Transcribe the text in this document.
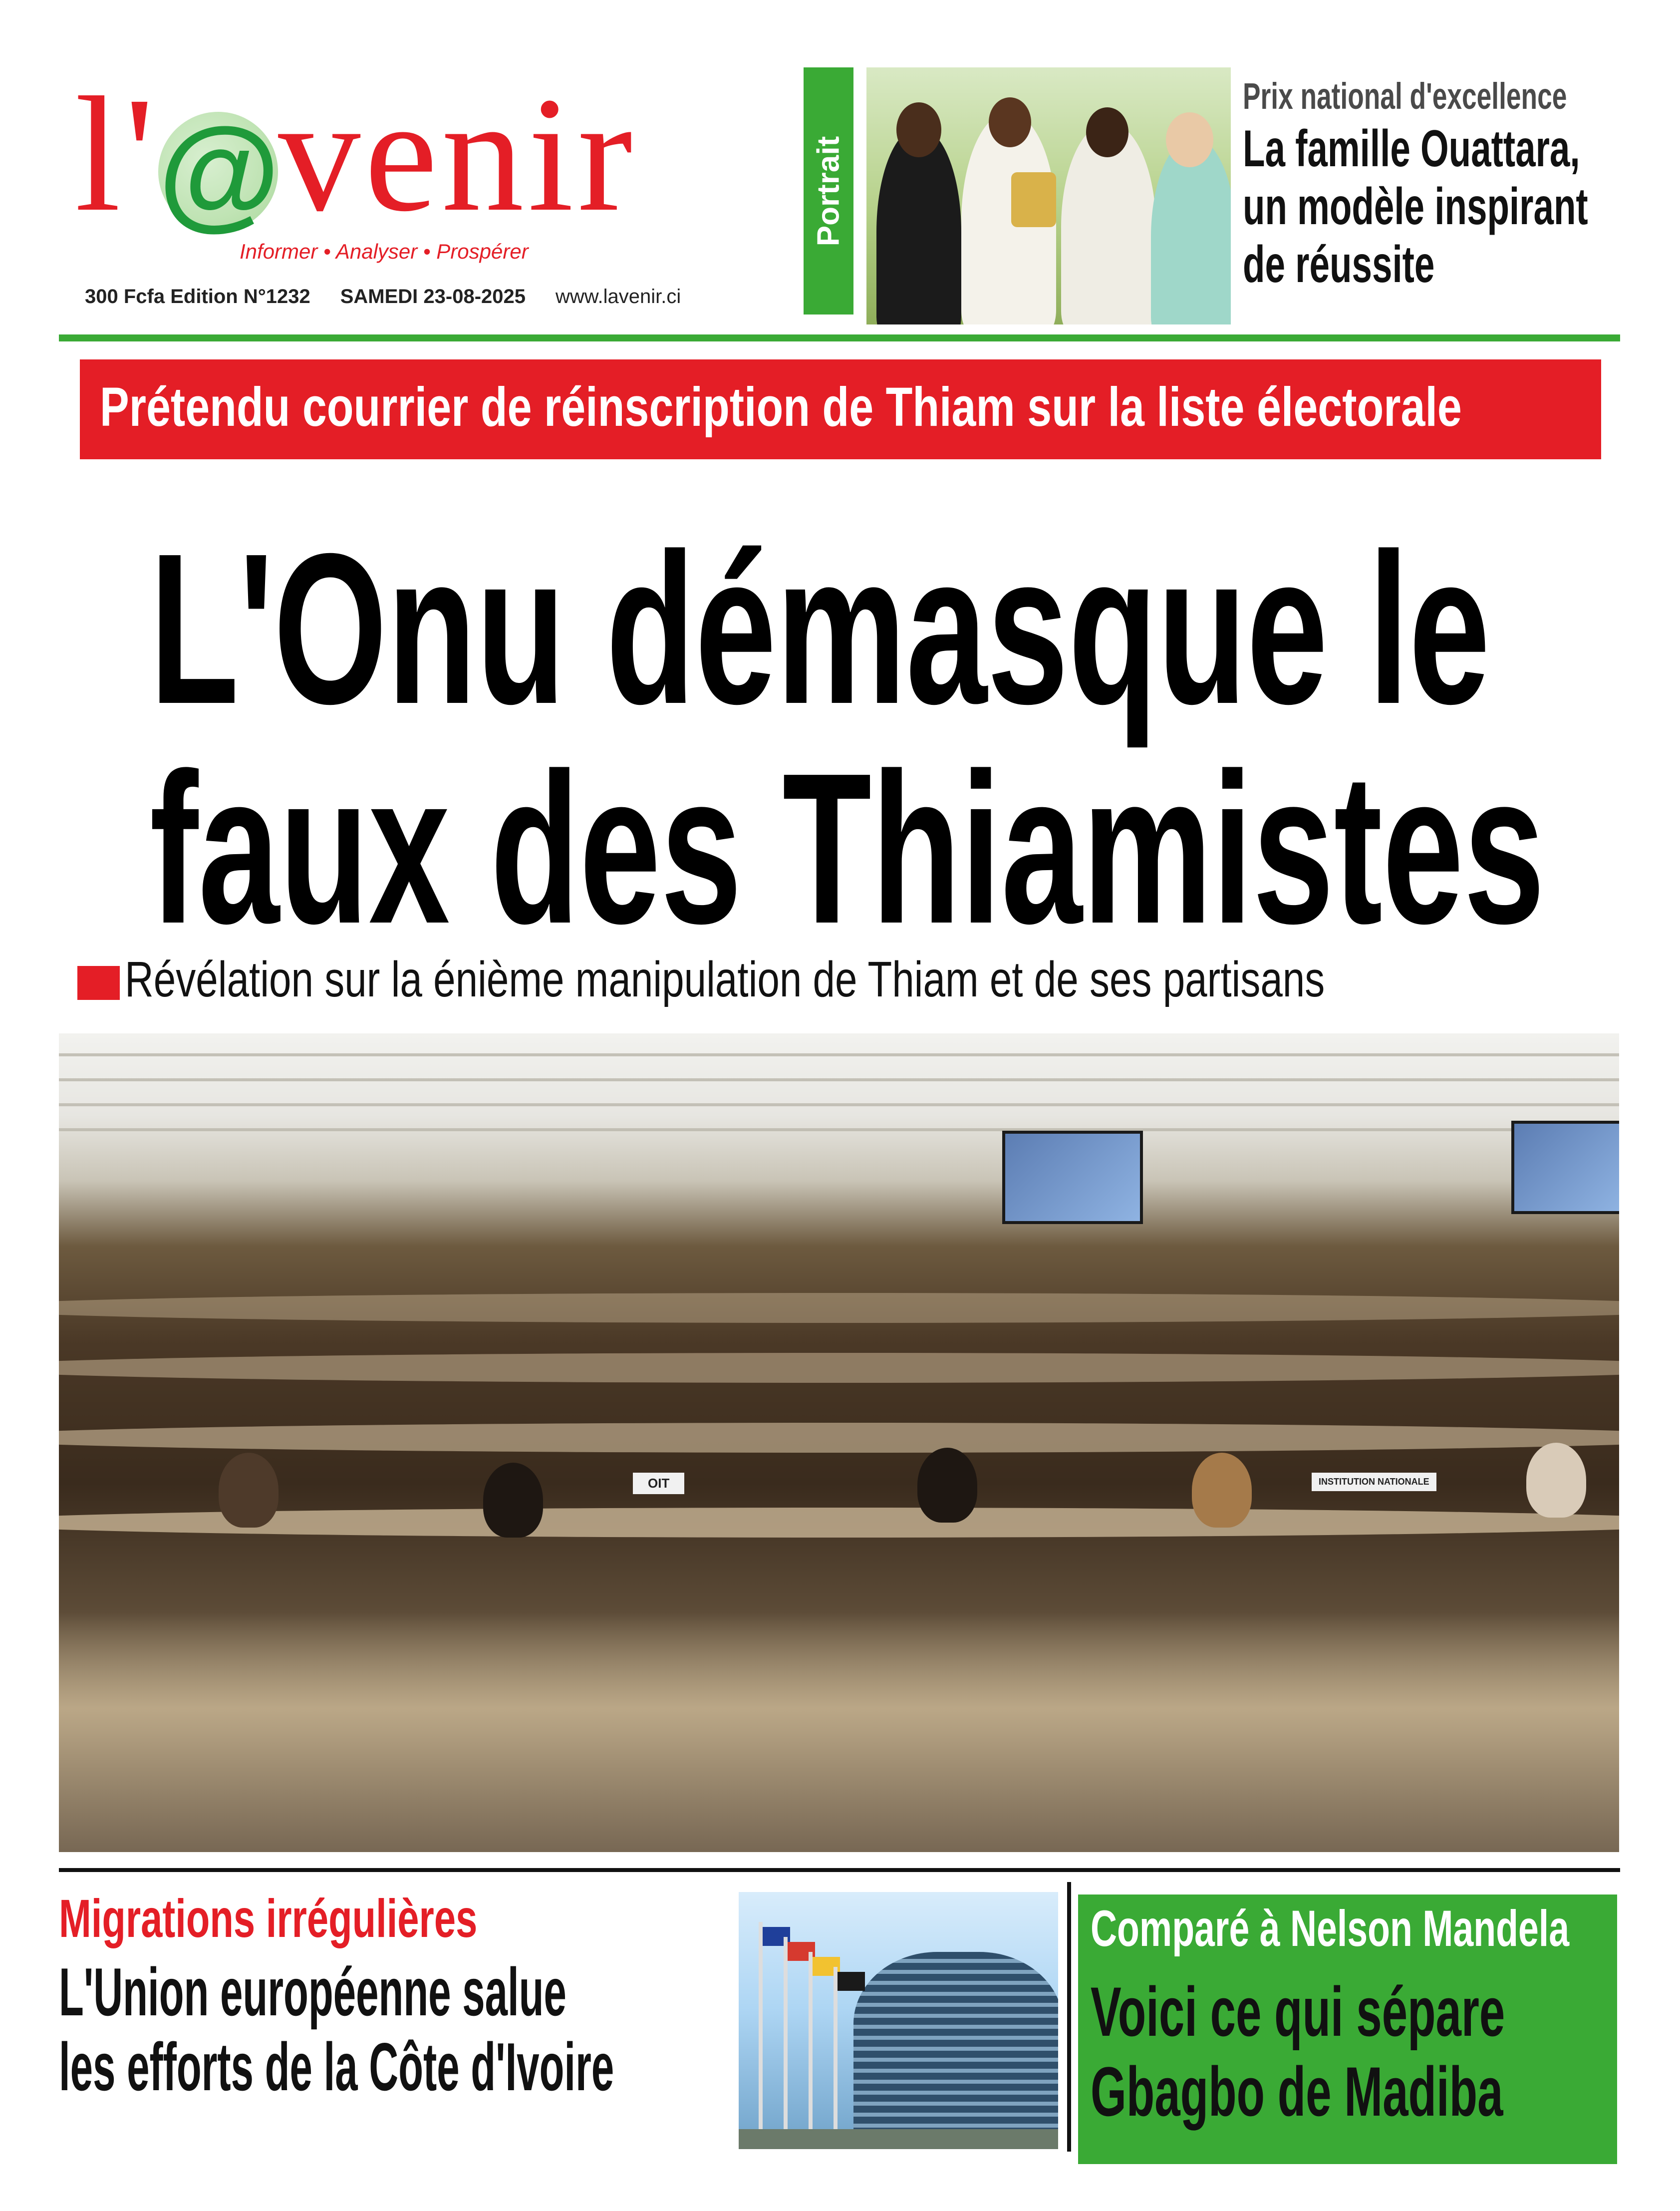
l'@venir
Informer • Analyser • Prospérer
300 Fcfa Edition N°1232 SAMEDI 23-08-2025 www.lavenir.ci
Portrait
Prix national d'excellence
La famille Ouattara,
un modèle inspirant
de réussite
Prétendu courrier de réinscription de Thiam sur la liste électorale
L'Onu démasque le
faux des Thiamistes
Révélation sur la énième manipulation de Thiam et de ses partisans
OIT	INSTITUTION NATIONALE
Migrations irrégulières
L'Union européenne salue
les efforts de la Côte d'Ivoire
Comparé à Nelson Mandela
Voici ce qui sépare
Gbagbo de Madiba
